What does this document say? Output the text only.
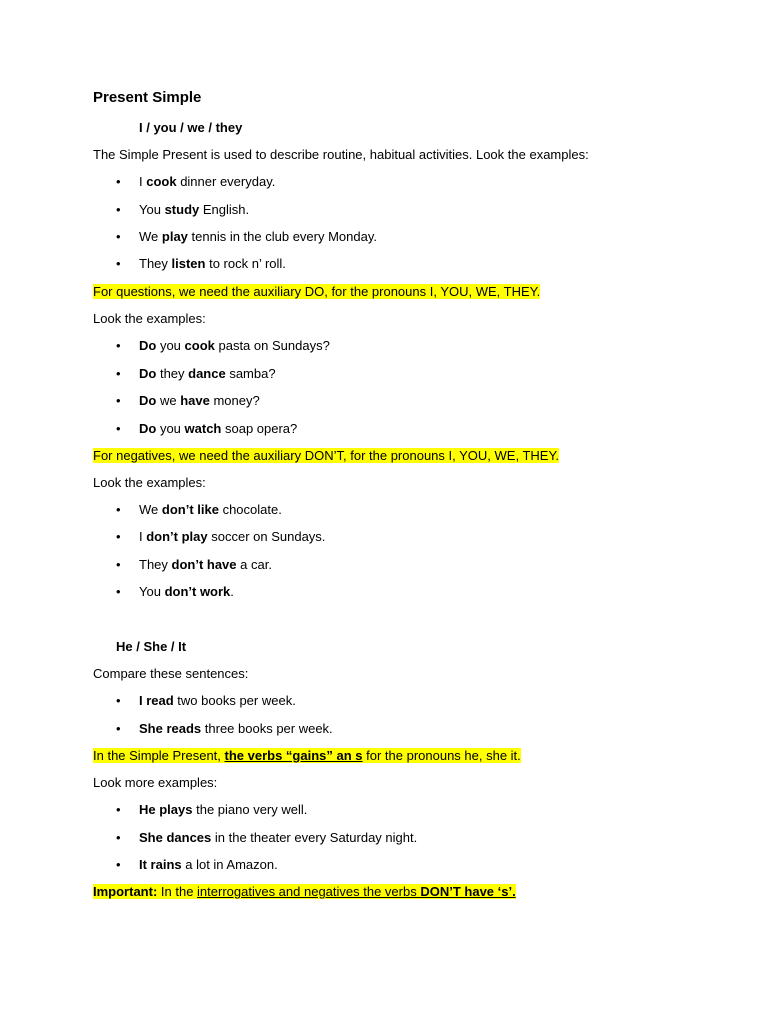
Present Simple
I / you / we / they
The Simple Present is used to describe routine, habitual activities. Look the examples:
• I cook dinner everyday.
• You study English.
• We play tennis in the club every Monday.
• They listen to rock n’ roll.
For questions, we need the auxiliary DO, for the pronouns I, YOU, WE, THEY.
Look the examples:
• Do you cook pasta on Sundays?
• Do they dance samba?
• Do we have money?
• Do you watch soap opera?
For negatives, we need the auxiliary DON’T, for the pronouns I, YOU, WE, THEY.
Look the examples:
• We don’t like chocolate.
• I don’t play soccer on Sundays.
• They don’t have a car.
• You don’t work.
He / She / It
Compare these sentences:
• I read two books per week.
• She reads three books per week.
In the Simple Present, the verbs “gains” an s for the pronouns he, she it.
Look more examples:
• He plays the piano very well.
• She dances in the theater every Saturday night.
• It rains a lot in Amazon.
Important: In the interrogatives and negatives the verbs DON’T have ‘s’.
